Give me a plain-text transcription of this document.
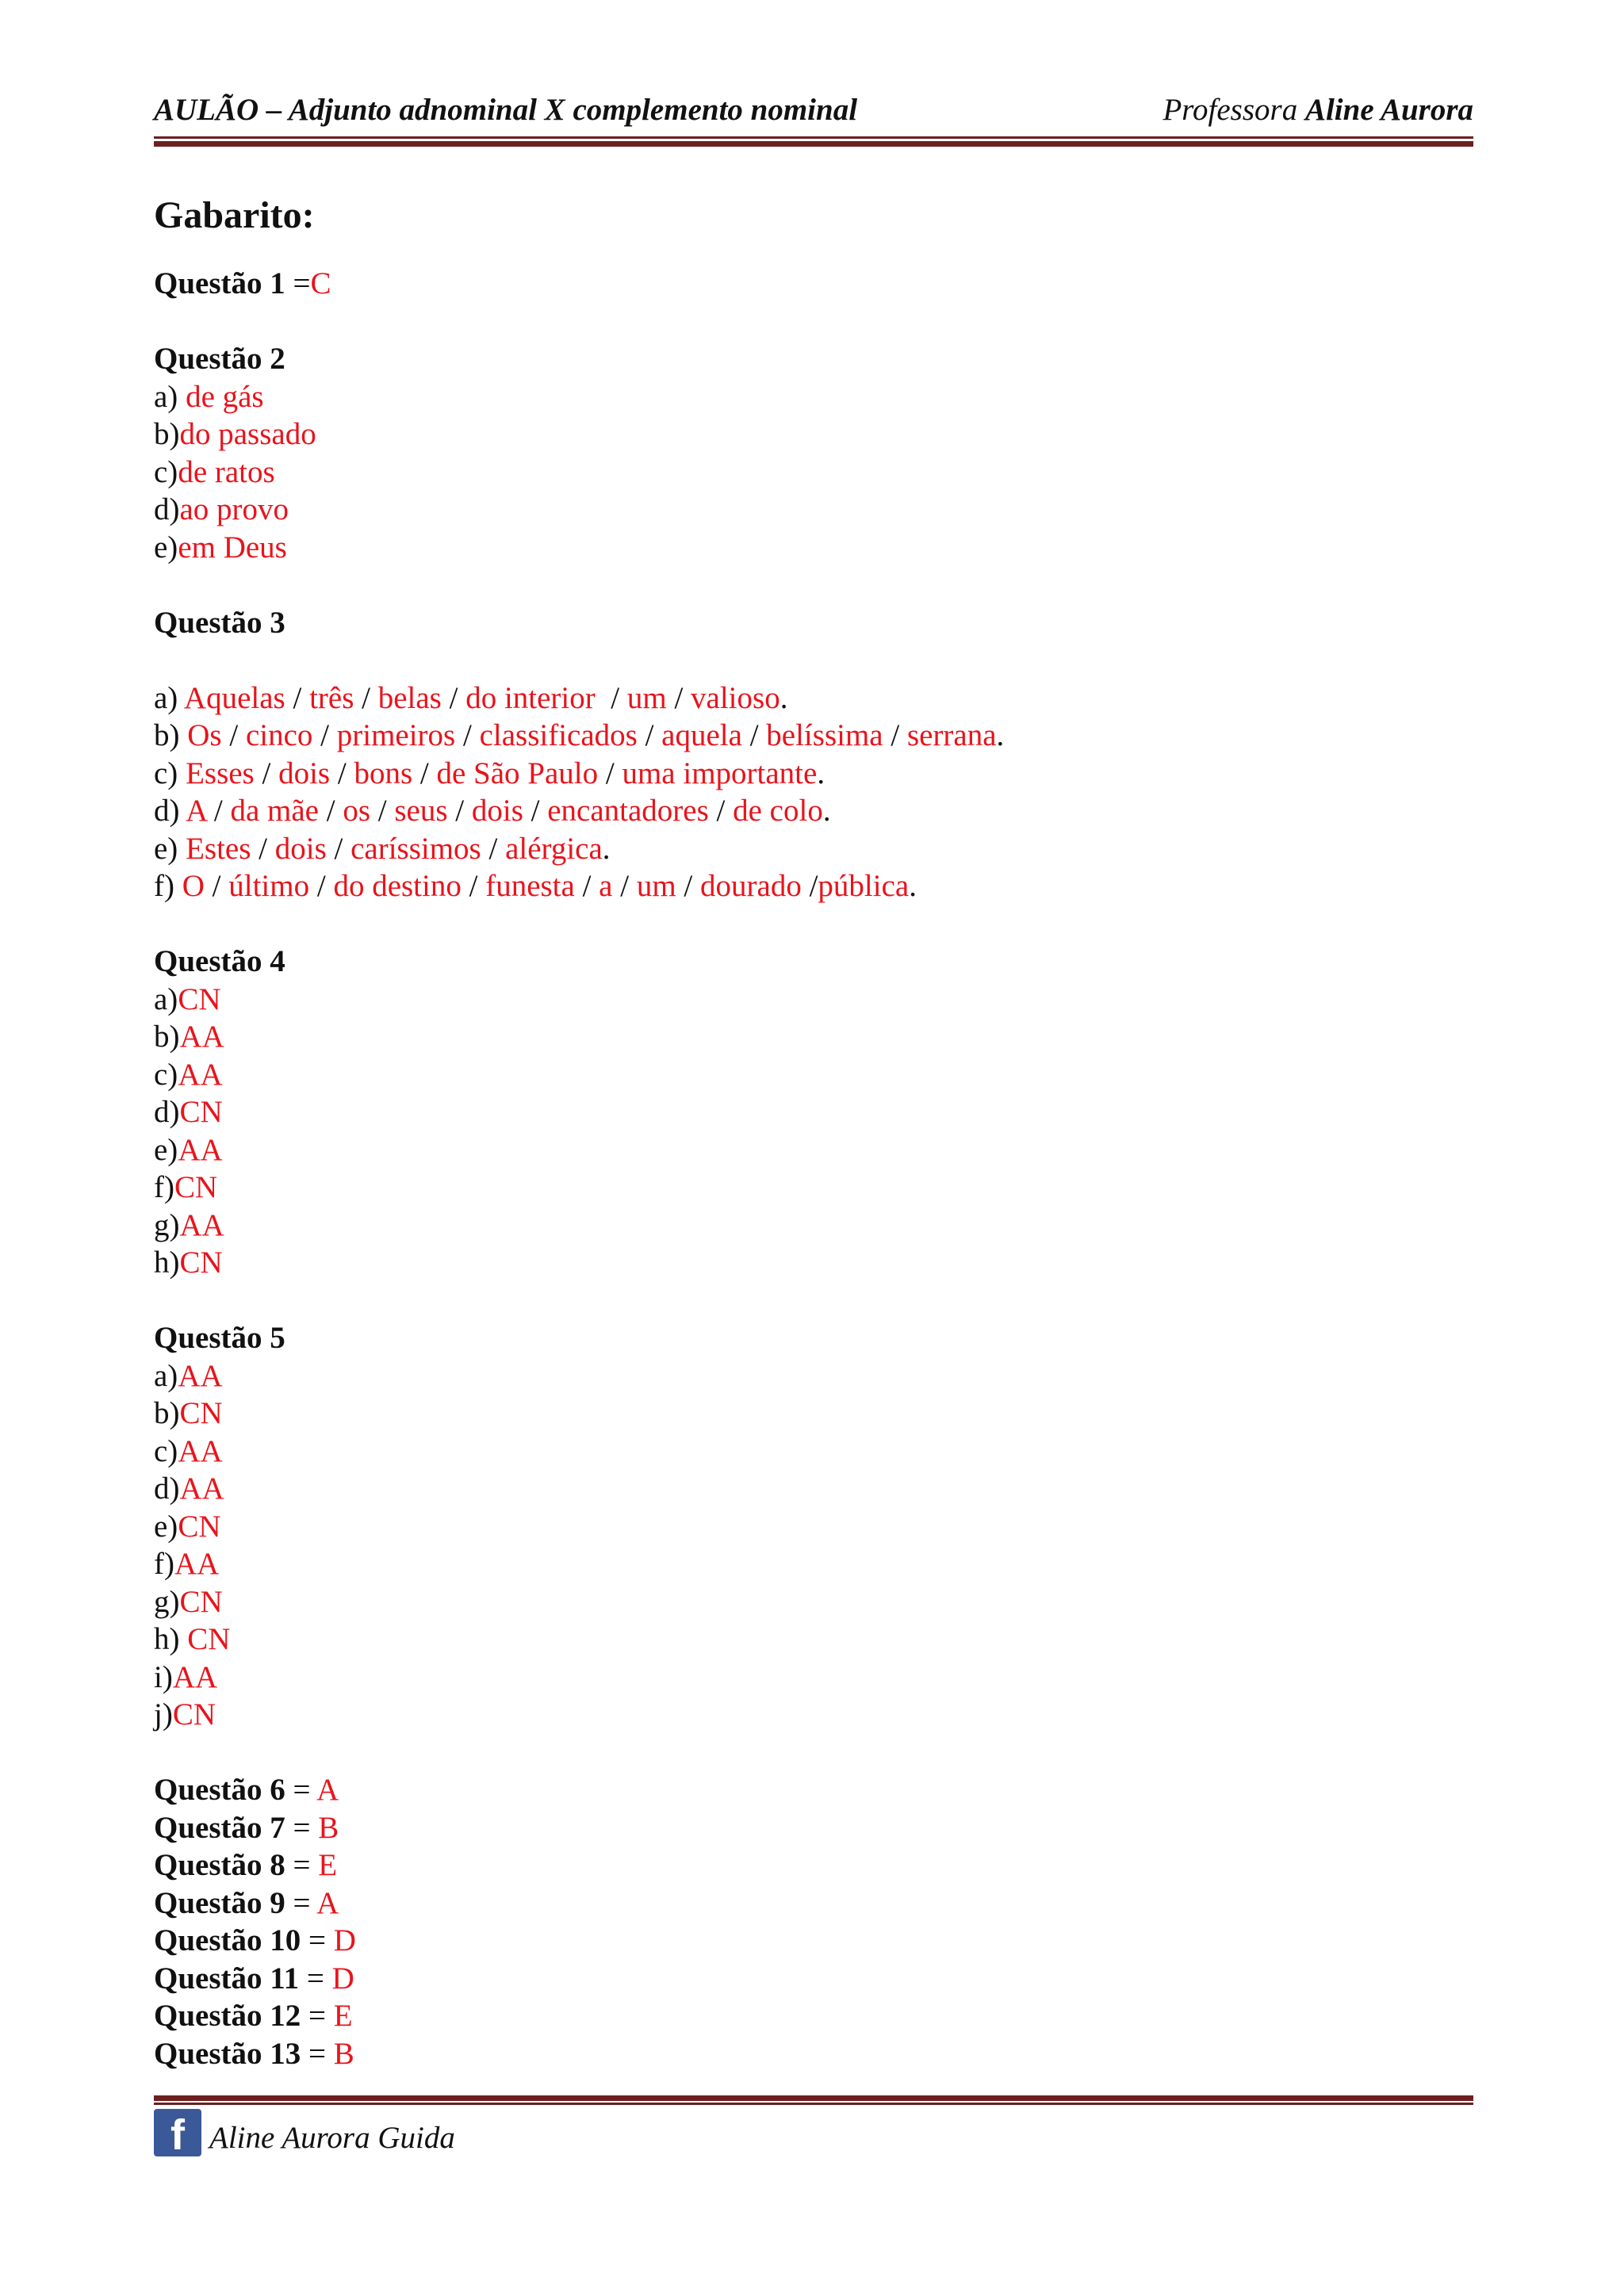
AULÃO – Adjunto adnominal X complemento nominal	Professora Aline Aurora
Gabarito:
Questão 1 =C
Questão 2
a) de gás
b)do passado
c)de ratos
d)ao provo
e)em Deus
Questão 3
a) Aquelas / três / belas / do interior  / um / valioso.
b) Os / cinco / primeiros / classificados / aquela / belíssima / serrana.
c) Esses / dois / bons / de São Paulo / uma importante.
d) A / da mãe / os / seus / dois / encantadores / de colo.
e) Estes / dois / caríssimos / alérgica.
f) O / último / do destino / funesta / a / um / dourado /pública.
Questão 4
a)CN
b)AA
c)AA
d)CN
e)AA
f)CN
g)AA
h)CN
Questão 5
a)AA
b)CN
c)AA
d)AA
e)CN
f)AA
g)CN
h) CN
i)AA
j)CN
Questão 6 = A
Questão 7 = B
Questão 8 = E
Questão 9 = A
Questão 10 = D
Questão 11 = D
Questão 12 = E
Questão 13 = B
f Aline Aurora Guida
